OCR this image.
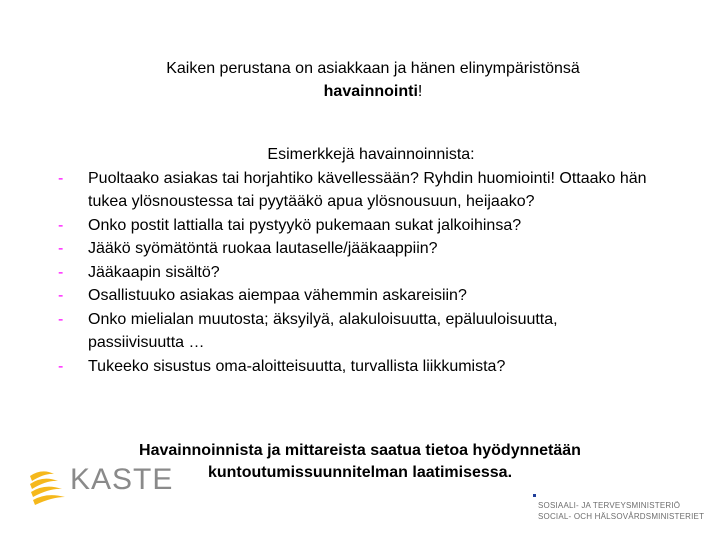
Kaiken perustana on asiakkaan ja hänen elinympäristönsä
havainnointi!
Esimerkkejä havainnoinnista:
- Puoltaako asiakas tai horjahtiko kävellessään? Ryhdin huomiointi! Ottaako hän tukea ylösnoustessa tai pyytääkö apua ylösnousuun, heijaako?
- Onko postit lattialla tai pystyykö pukemaan sukat jalkoihinsa?
- Jääkö syömätöntä ruokaa lautaselle/jääkaappiin?
- Jääkaapin sisältö?
- Osallistuuko asiakas aiempaa vähemmin askareisiin?
- Onko mielialan muutosta; äksyilyä, alakuloisuutta, epäluuloisuutta, passiivisuutta …
- Tukeeko sisustus oma-aloitteisuutta, turvallista liikkumista?
Havainnoinnista ja mittareista saatua tietoa hyödynnetään
kuntoutumissuunnitelman laatimisessa.
KASTE
SOSIAALI- JA TERVEYSMINISTERIÖ
SOCIAL- OCH HÄLSOVÅRDSMINISTERIET
